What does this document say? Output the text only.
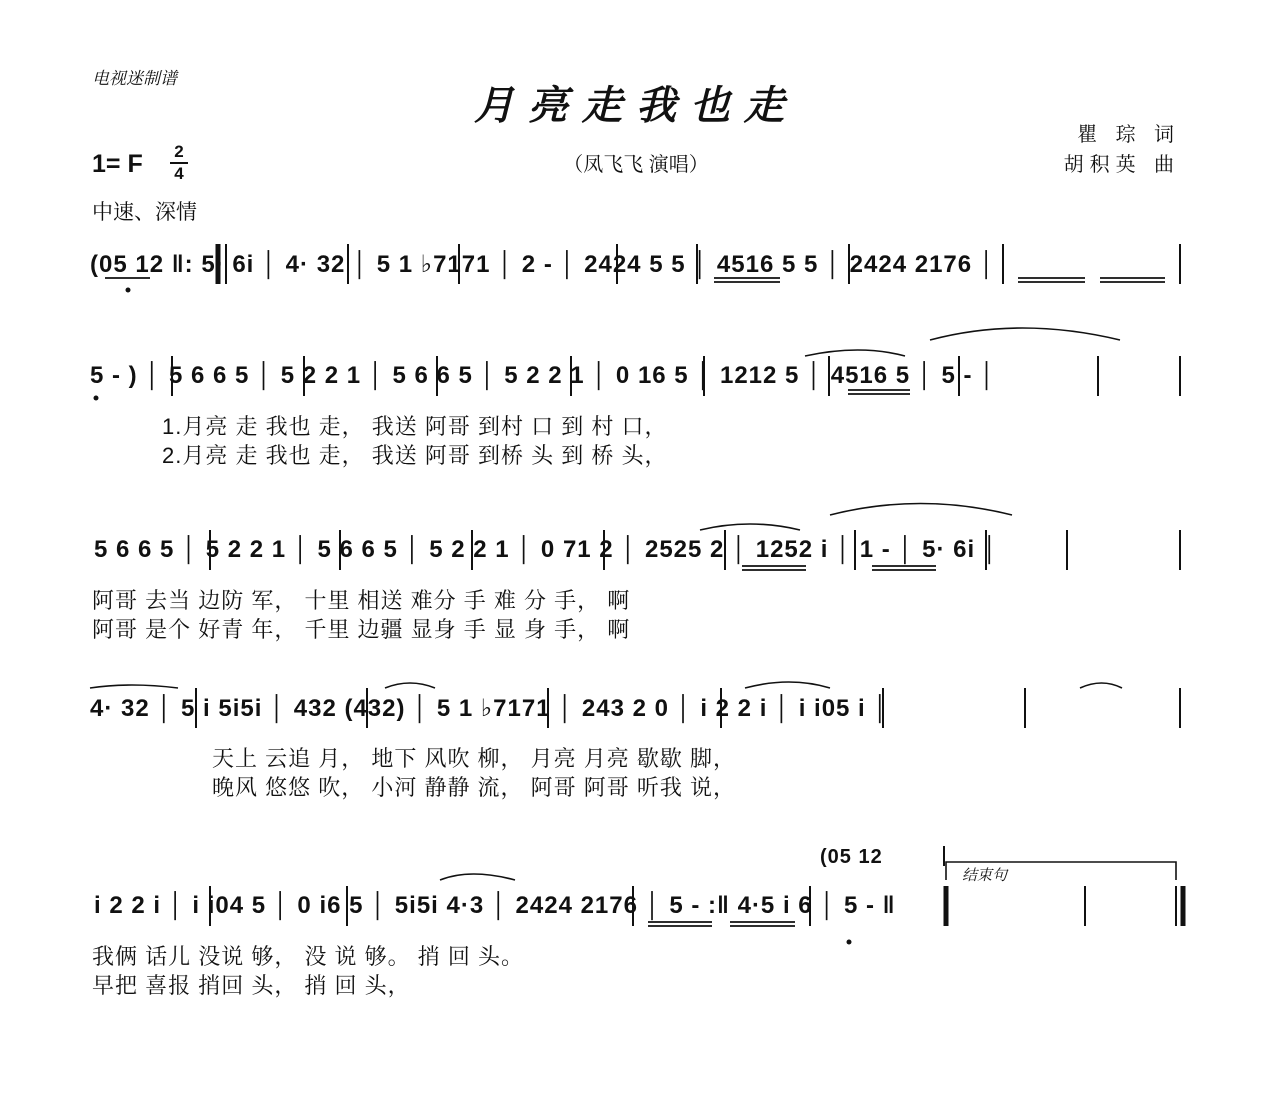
电视迷制谱
月亮走我也走
（凤飞飞 演唱）
瞿 琮 词
胡积英 曲
1= F 2
4
中速、深情
(05 12 ‖: 5· 6i │ 4· 32 │ 5 1 ♭7171 │ 2 - │ 2424 5 5 │ 4516 5 5 │ 2424 2176 │
5 - ) │ 5 6 6 5 │ 5 2 2 1 │ 5 6 6 5 │ 5 2 2 1 │ 0 16 5 │ 1212 5 │ 4516 5 │ 5 - │
1.月亮 走 我也 走， 我送 阿哥 到村 口 到 村 口，
2.月亮 走 我也 走， 我送 阿哥 到桥 头 到 桥 头，
5 6 6 5 │ 5 2 2 1 │ 5 6 6 5 │ 5 2 2 1 │ 0 71 2 │ 2525 2 │ 1252 i │ 1 - │ 5· 6i │
阿哥 去当 边防 军， 十里 相送 难分 手 难 分 手， 啊
阿哥 是个 好青 年， 千里 边疆 显身 手 显 身 手， 啊
4· 32 │ 5 i 5i5i │ 432 (432) │ 5 1 ♭7171 │ 243 2 0 │ i 2 2 i │ i i05 i │
天上 云追 月， 地下 风吹 柳， 月亮 月亮 歇歇 脚，
晚风 悠悠 吹， 小河 静静 流， 阿哥 阿哥 听我 说，
(05 12
结束句
i 2 2 i │ i i04 5 │ 0 i6 5 │ 5i5i 4·3 │ 2424 2176 │ 5 - :‖ 4·5 i 6 │ 5 - ‖
我俩 话儿 没说 够， 没 说 够。 捎 回 头。
早把 喜报 捎回 头， 捎 回 头，
